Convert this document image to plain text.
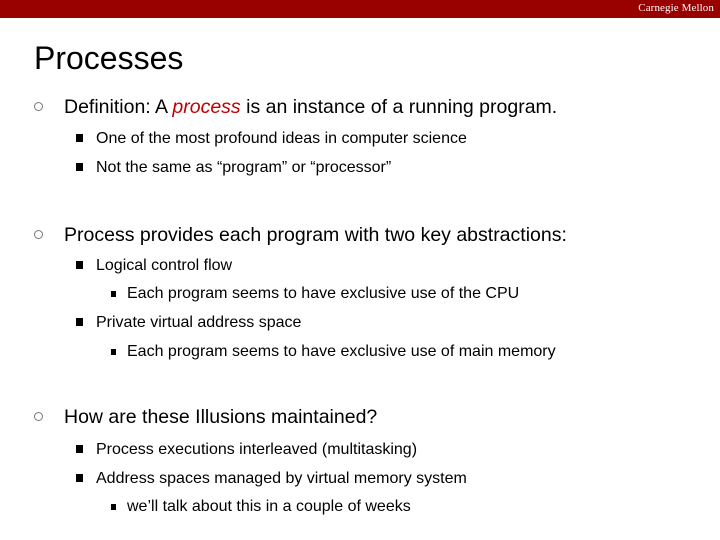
Carnegie Mellon
Processes
Definition: A process is an instance of a running program.
One of the most profound ideas in computer science
Not the same as “program” or “processor”
Process provides each program with two key abstractions:
Logical control flow
Each program seems to have exclusive use of the CPU
Private virtual address space
Each program seems to have exclusive use of main memory
How are these Illusions maintained?
Process executions interleaved (multitasking)
Address spaces managed by virtual memory system
we’ll talk about this in a couple of weeks
